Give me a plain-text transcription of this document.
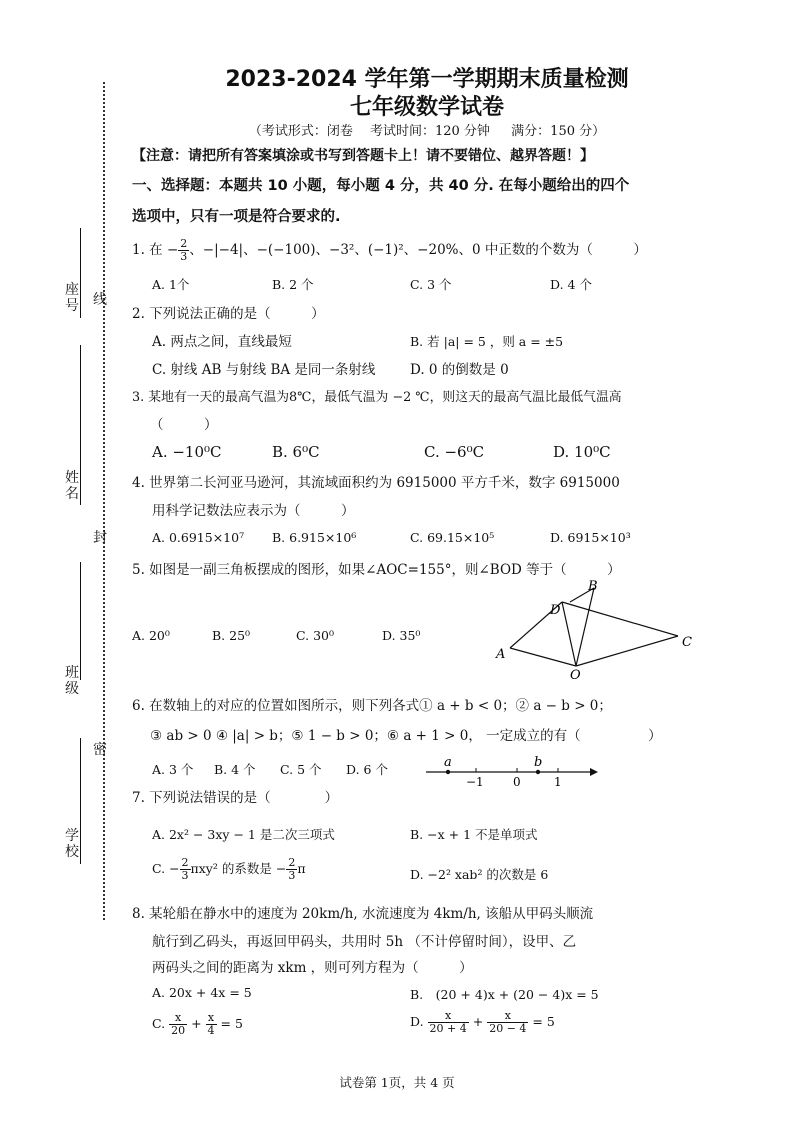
座号 线
姓名
封
班级
密
学校
2023-2024 学年第一学期期末质量检测
七年级数学试卷
（考试形式：闭卷　 考试时间：120 分钟 　 满分：150 分）
【注意：请把所有答案填涂或书写到答题卡上！请不要错位、越界答题！】
一、选择题：本题共 10 小题，每小题 4 分，共 40 分. 在每小题给出的四个
选项中，只有一项是符合要求的.
1. 在 − $\frac{2}{3}$ 、−|−4|、−(−100)、−3²、(−1)²、−20%、0 中正数的个数为（　　　）
A. 1个	B. 2 个	C. 3 个	D. 4 个
2. 下列说法正确的是（　　　）
A. 两点之间，直线最短	B. 若 |a| = 5 ，则 a = ±5
C. 射线 AB 与射线 BA 是同一条射线	D. 0 的倒数是 0
3. 某地有一天的最高气温为8℃，最低气温为 −2 ℃，则这天的最高气温比最低气温高
（　　　）
A. −10⁰C	B. 6⁰C	C. −6⁰C	D. 10⁰C
4. 世界第二长河亚马逊河，其流域面积约为 6915000 平方千米，数字 6915000
用科学记数法应表示为（　　　）
A. 0.6915×10⁷ B. 6.915×10⁶	C. 69.15×10⁵	D. 6915×10³
5. 如图是一副三角板摆成的图形，如果∠AOC=155°，则∠BOD 等于（　　　）
A. 20⁰	B. 25⁰	C. 30⁰	D. 35⁰
A
B
C
D
O
6. 在数轴上的对应的位置如图所示，则下列各式① a + b < 0；② a − b > 0；
③ ab > 0 ④ |a| > b；⑤ 1 − b > 0；⑥ a + 1 > 0， 一定成立的有（　　　　　）
A. 3 个 B. 4 个 C. 5 个 D. 6 个	a	b
−1 0	1
7. 下列说法错误的是（　　　　）
A. 2x² − 3xy − 1 是二次三项式	B. −x + 1 不是单项式
C. − $\frac{2}{3} \pi xy^2$ 的系数是 − $\frac{2}{3}$ π	D. −2² xab² 的次数是 6
8. 某轮船在静水中的速度为 20km/h, 水流速度为 4km/h, 该船从甲码头顺流
航行到乙码头，再返回甲码头，共用时 5h （不计停留时间），设甲、乙
两码头之间的距离为 xkm ，则可列方程为（　　　）
A. 20x + 4x = 5	B.　(20 + 4)x + (20 − 4)x = 5
C. $\frac{x}{20} + \frac{x}{4} = 5$	D. $\frac{x}{20 + 4} + \frac{x}{20 - 4} = 5$
试卷第 1页，共 4 页
